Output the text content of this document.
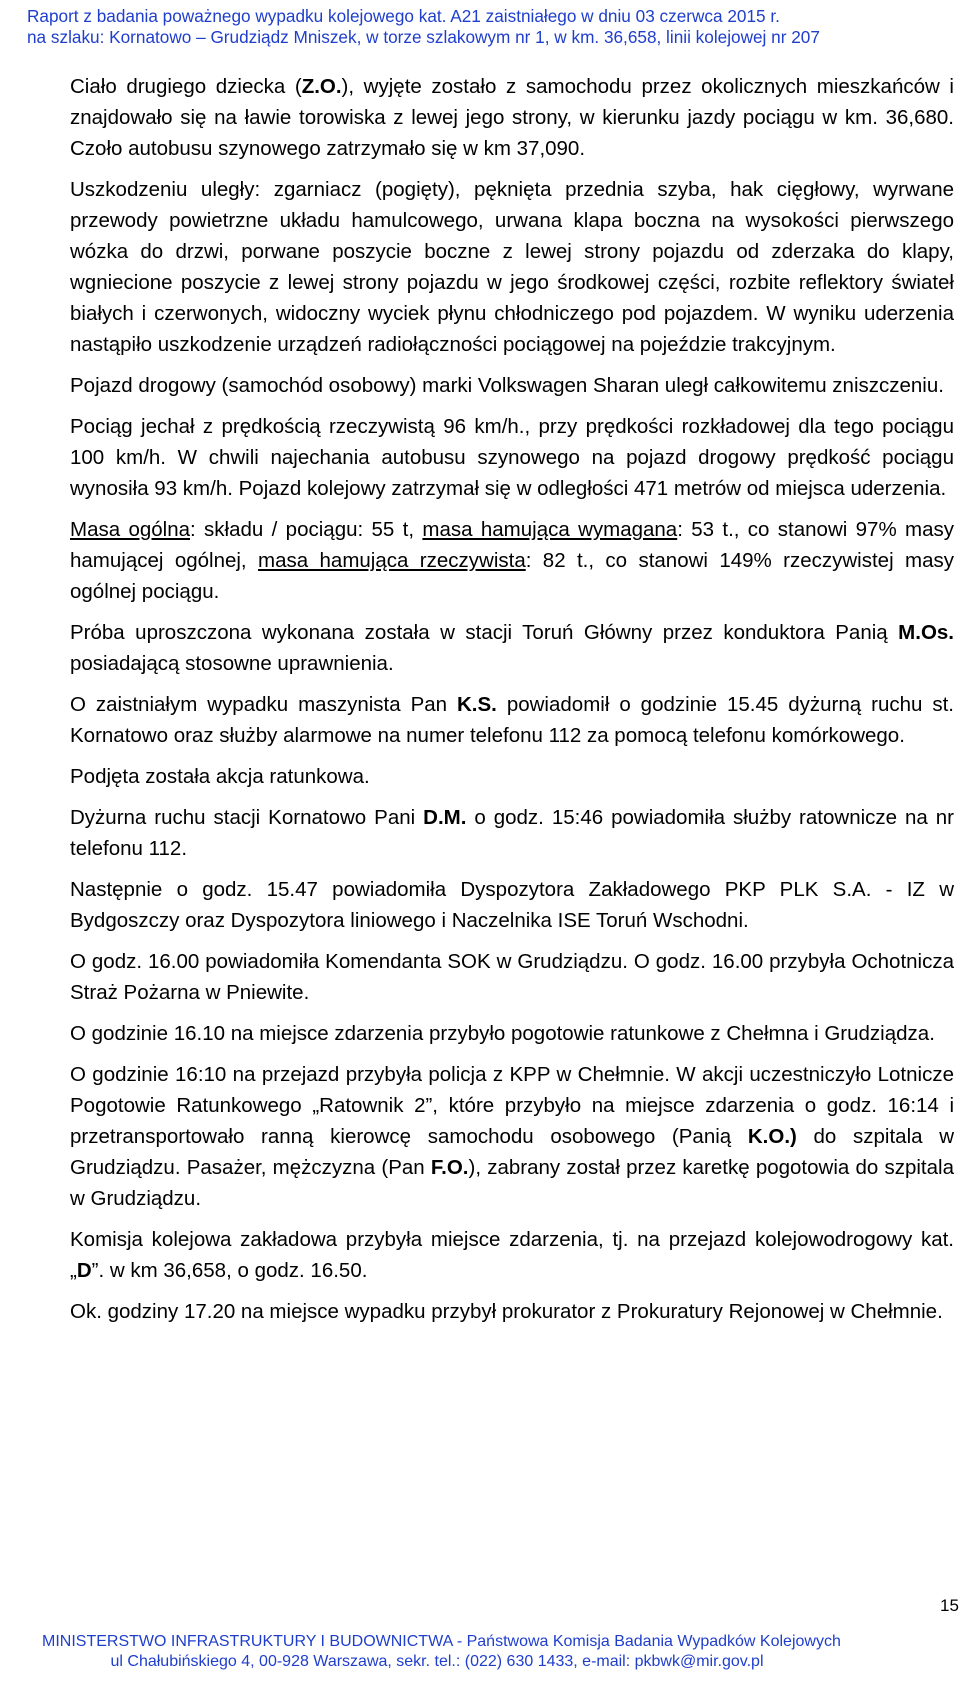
Raport z badania poważnego wypadku kolejowego kat. A21 zaistniałego w dniu 03 czerwca 2015 r.
na szlaku: Kornatowo – Grudziądz Mniszek, w torze szlakowym nr 1, w km. 36,658, linii kolejowej nr 207

Ciało drugiego dziecka (Z.O.), wyjęte zostało z samochodu przez okolicznych mieszkańców i znajdowało się na ławie torowiska z lewej jego strony, w kierunku jazdy pociągu w km. 36,680. Czoło autobusu szynowego zatrzymało się w km 37,090.

Uszkodzeniu uległy: zgarniacz (pogięty), pęknięta przednia szyba, hak cięgłowy, wyrwane przewody powietrzne układu hamulcowego, urwana klapa boczna na wysokości pierwszego wózka do drzwi, porwane poszycie boczne z lewej strony pojazdu od zderzaka do klapy, wgniecione poszycie z lewej strony pojazdu w jego środkowej części, rozbite reflektory świateł białych i czerwonych, widoczny wyciek płynu chłodniczego pod pojazdem. W wyniku uderzenia nastąpiło uszkodzenie urządzeń radiołączności pociągowej na pojeździe trakcyjnym.

Pojazd drogowy (samochód osobowy) marki Volkswagen Sharan uległ całkowitemu zniszczeniu.

Pociąg jechał z prędkością rzeczywistą 96 km/h., przy prędkości rozkładowej dla tego pociągu 100 km/h. W chwili najechania autobusu szynowego na pojazd drogowy prędkość pociągu wynosiła 93 km/h. Pojazd kolejowy zatrzymał się w odległości 471 metrów od miejsca uderzenia.

Masa ogólna: składu / pociągu: 55 t, masa hamująca wymagana: 53 t., co stanowi 97% masy hamującej ogólnej, masa hamująca rzeczywista: 82 t., co stanowi 149% rzeczywistej masy ogólnej pociągu.

Próba uproszczona wykonana została w stacji Toruń Główny przez konduktora Panią M.Os. posiadającą stosowne uprawnienia.

O zaistniałym wypadku maszynista Pan K.S. powiadomił o godzinie 15.45 dyżurną ruchu st. Kornatowo oraz służby alarmowe na numer telefonu 112 za pomocą telefonu komórkowego.

Podjęta została akcja ratunkowa.

Dyżurna ruchu stacji Kornatowo Pani D.M. o godz. 15:46 powiadomiła służby ratownicze na nr telefonu 112.

Następnie o godz. 15.47 powiadomiła Dyspozytora Zakładowego PKP PLK S.A. - IZ w Bydgoszczy oraz Dyspozytora liniowego i Naczelnika ISE Toruń Wschodni.

O godz. 16.00 powiadomiła Komendanta SOK w Grudziądzu. O godz. 16.00 przybyła Ochotnicza Straż Pożarna w Pniewite.

O godzinie 16.10 na miejsce zdarzenia przybyło pogotowie ratunkowe z Chełmna i Grudziądza.

O godzinie 16:10 na przejazd przybyła policja z KPP w Chełmnie. W akcji uczestniczyło Lotnicze Pogotowie Ratunkowego „Ratownik 2”, które przybyło na miejsce zdarzenia o godz. 16:14 i przetransportowało ranną kierowcę samochodu osobowego (Panią K.O.) do szpitala w Grudziądzu. Pasażer, mężczyzna (Pan F.O.), zabrany został przez karetkę pogotowia do szpitala w Grudziądzu.

Komisja kolejowa zakładowa przybyła miejsce zdarzenia, tj. na przejazd kolejowodrogowy kat. „D”. w km 36,658, o godz. 16.50.

Ok. godziny 17.20 na miejsce wypadku przybył prokurator z Prokuratury Rejonowej w Chełmnie.

15
MINISTERSTWO INFRASTRUKTURY I BUDOWNICTWA - Państwowa Komisja Badania Wypadków Kolejowych
ul Chałubińskiego 4, 00-928 Warszawa, sekr. tel.: (022) 630 1433, e-mail: pkbwk@mir.gov.pl
